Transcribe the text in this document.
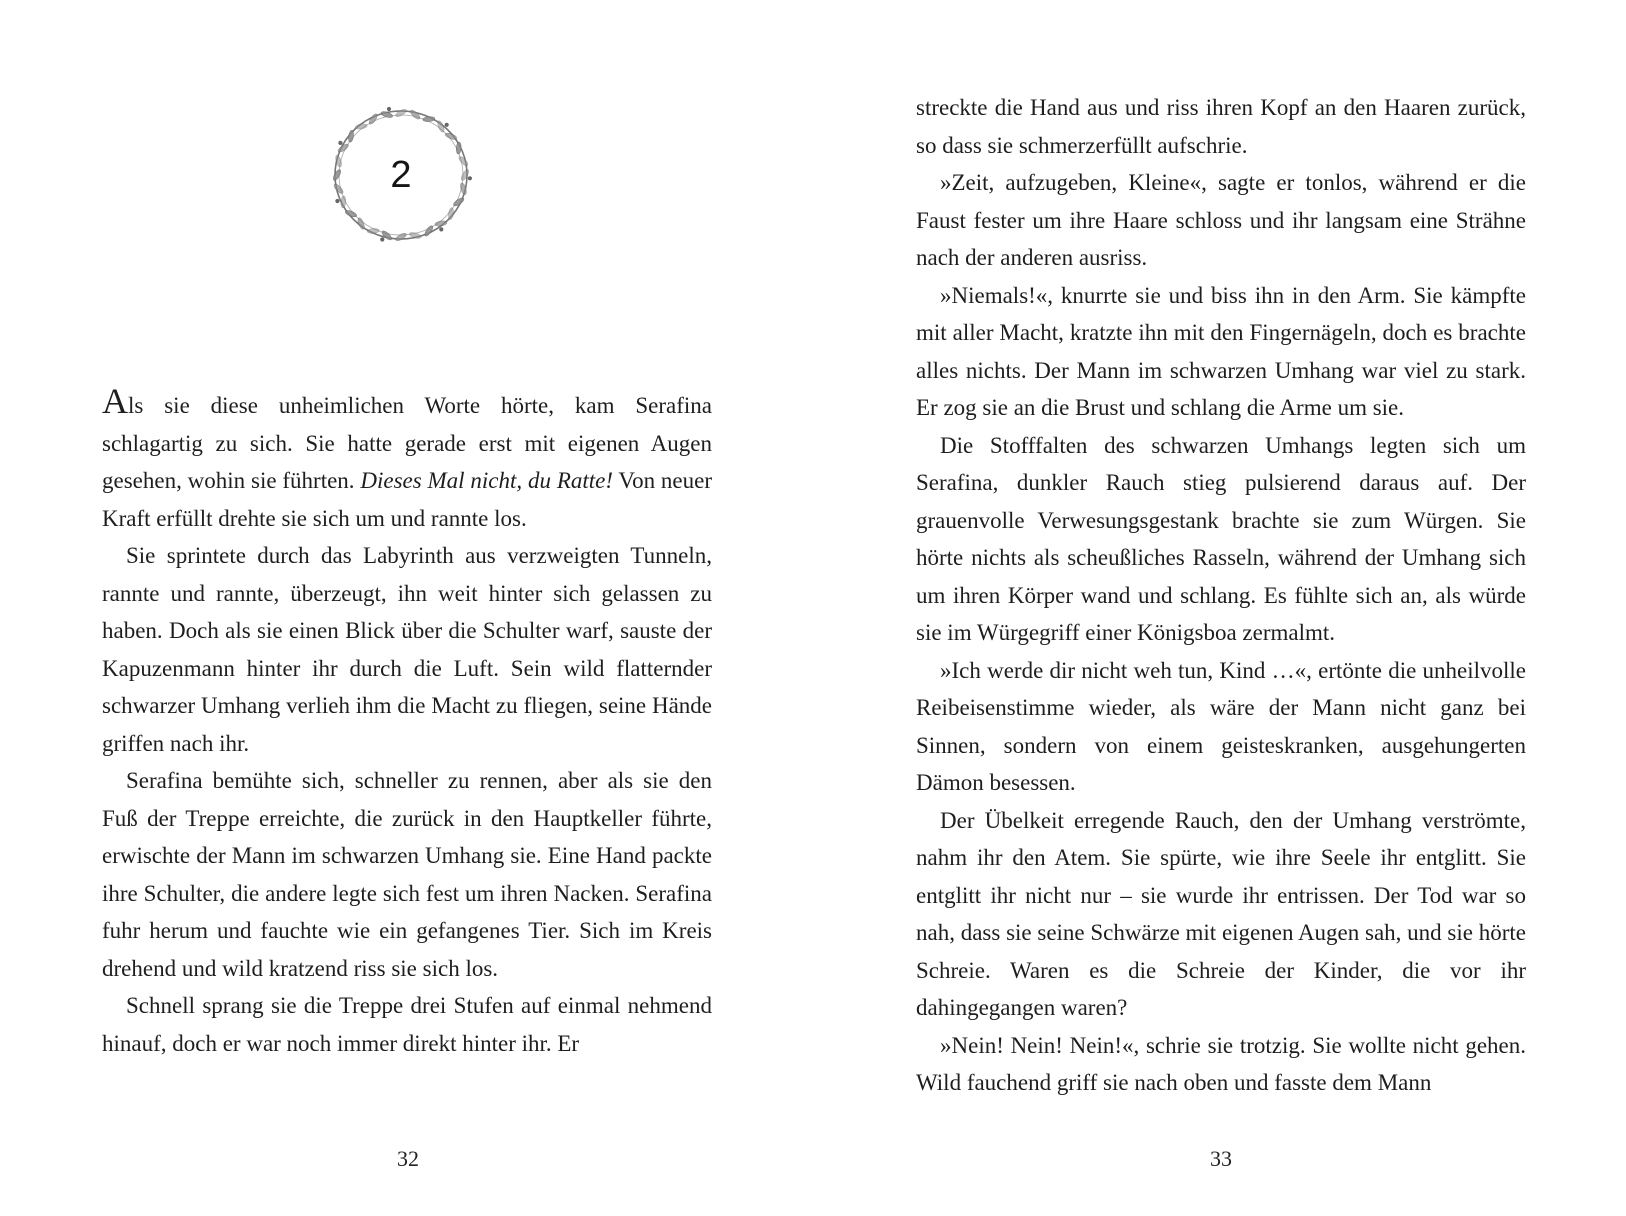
2

Als sie diese unheimlichen Worte hörte, kam Serafina schlagartig zu sich. Sie hatte gerade erst mit eigenen Augen gesehen, wohin sie führten. Dieses Mal nicht, du Ratte! Von neuer Kraft erfüllt drehte sie sich um und rannte los.

Sie sprintete durch das Labyrinth aus verzweigten Tunneln, rannte und rannte, überzeugt, ihn weit hinter sich gelassen zu haben. Doch als sie einen Blick über die Schulter warf, sauste der Kapuzenmann hinter ihr durch die Luft. Sein wild flatternder schwarzer Umhang verlieh ihm die Macht zu fliegen, seine Hände griffen nach ihr.

Serafina bemühte sich, schneller zu rennen, aber als sie den Fuß der Treppe erreichte, die zurück in den Hauptkeller führte, erwischte der Mann im schwarzen Umhang sie. Eine Hand packte ihre Schulter, die andere legte sich fest um ihren Nacken. Serafina fuhr herum und fauchte wie ein gefangenes Tier. Sich im Kreis drehend und wild kratzend riss sie sich los.

Schnell sprang sie die Treppe drei Stufen auf einmal nehmend hinauf, doch er war noch immer direkt hinter ihr. Er

32

streckte die Hand aus und riss ihren Kopf an den Haaren zurück, so dass sie schmerzerfüllt aufschrie.

»Zeit, aufzugeben, Kleine«, sagte er tonlos, während er die Faust fester um ihre Haare schloss und ihr langsam eine Strähne nach der anderen ausriss.

»Niemals!«, knurrte sie und biss ihn in den Arm. Sie kämpfte mit aller Macht, kratzte ihn mit den Fingernägeln, doch es brachte alles nichts. Der Mann im schwarzen Umhang war viel zu stark. Er zog sie an die Brust und schlang die Arme um sie.

Die Stofffalten des schwarzen Umhangs legten sich um Serafina, dunkler Rauch stieg pulsierend daraus auf. Der grauenvolle Verwesungsgestank brachte sie zum Würgen. Sie hörte nichts als scheußliches Rasseln, während der Umhang sich um ihren Körper wand und schlang. Es fühlte sich an, als würde sie im Würgegriff einer Königsboa zermalmt.

»Ich werde dir nicht weh tun, Kind …«, ertönte die unheilvolle Reibeisenstimme wieder, als wäre der Mann nicht ganz bei Sinnen, sondern von einem geisteskranken, ausgehungerten Dämon besessen.

Der Übelkeit erregende Rauch, den der Umhang verströmte, nahm ihr den Atem. Sie spürte, wie ihre Seele ihr entglitt. Sie entglitt ihr nicht nur – sie wurde ihr entrissen. Der Tod war so nah, dass sie seine Schwärze mit eigenen Augen sah, und sie hörte Schreie. Waren es die Schreie der Kinder, die vor ihr dahingegangen waren?

»Nein! Nein! Nein!«, schrie sie trotzig. Sie wollte nicht gehen. Wild fauchend griff sie nach oben und fasste dem Mann

33
